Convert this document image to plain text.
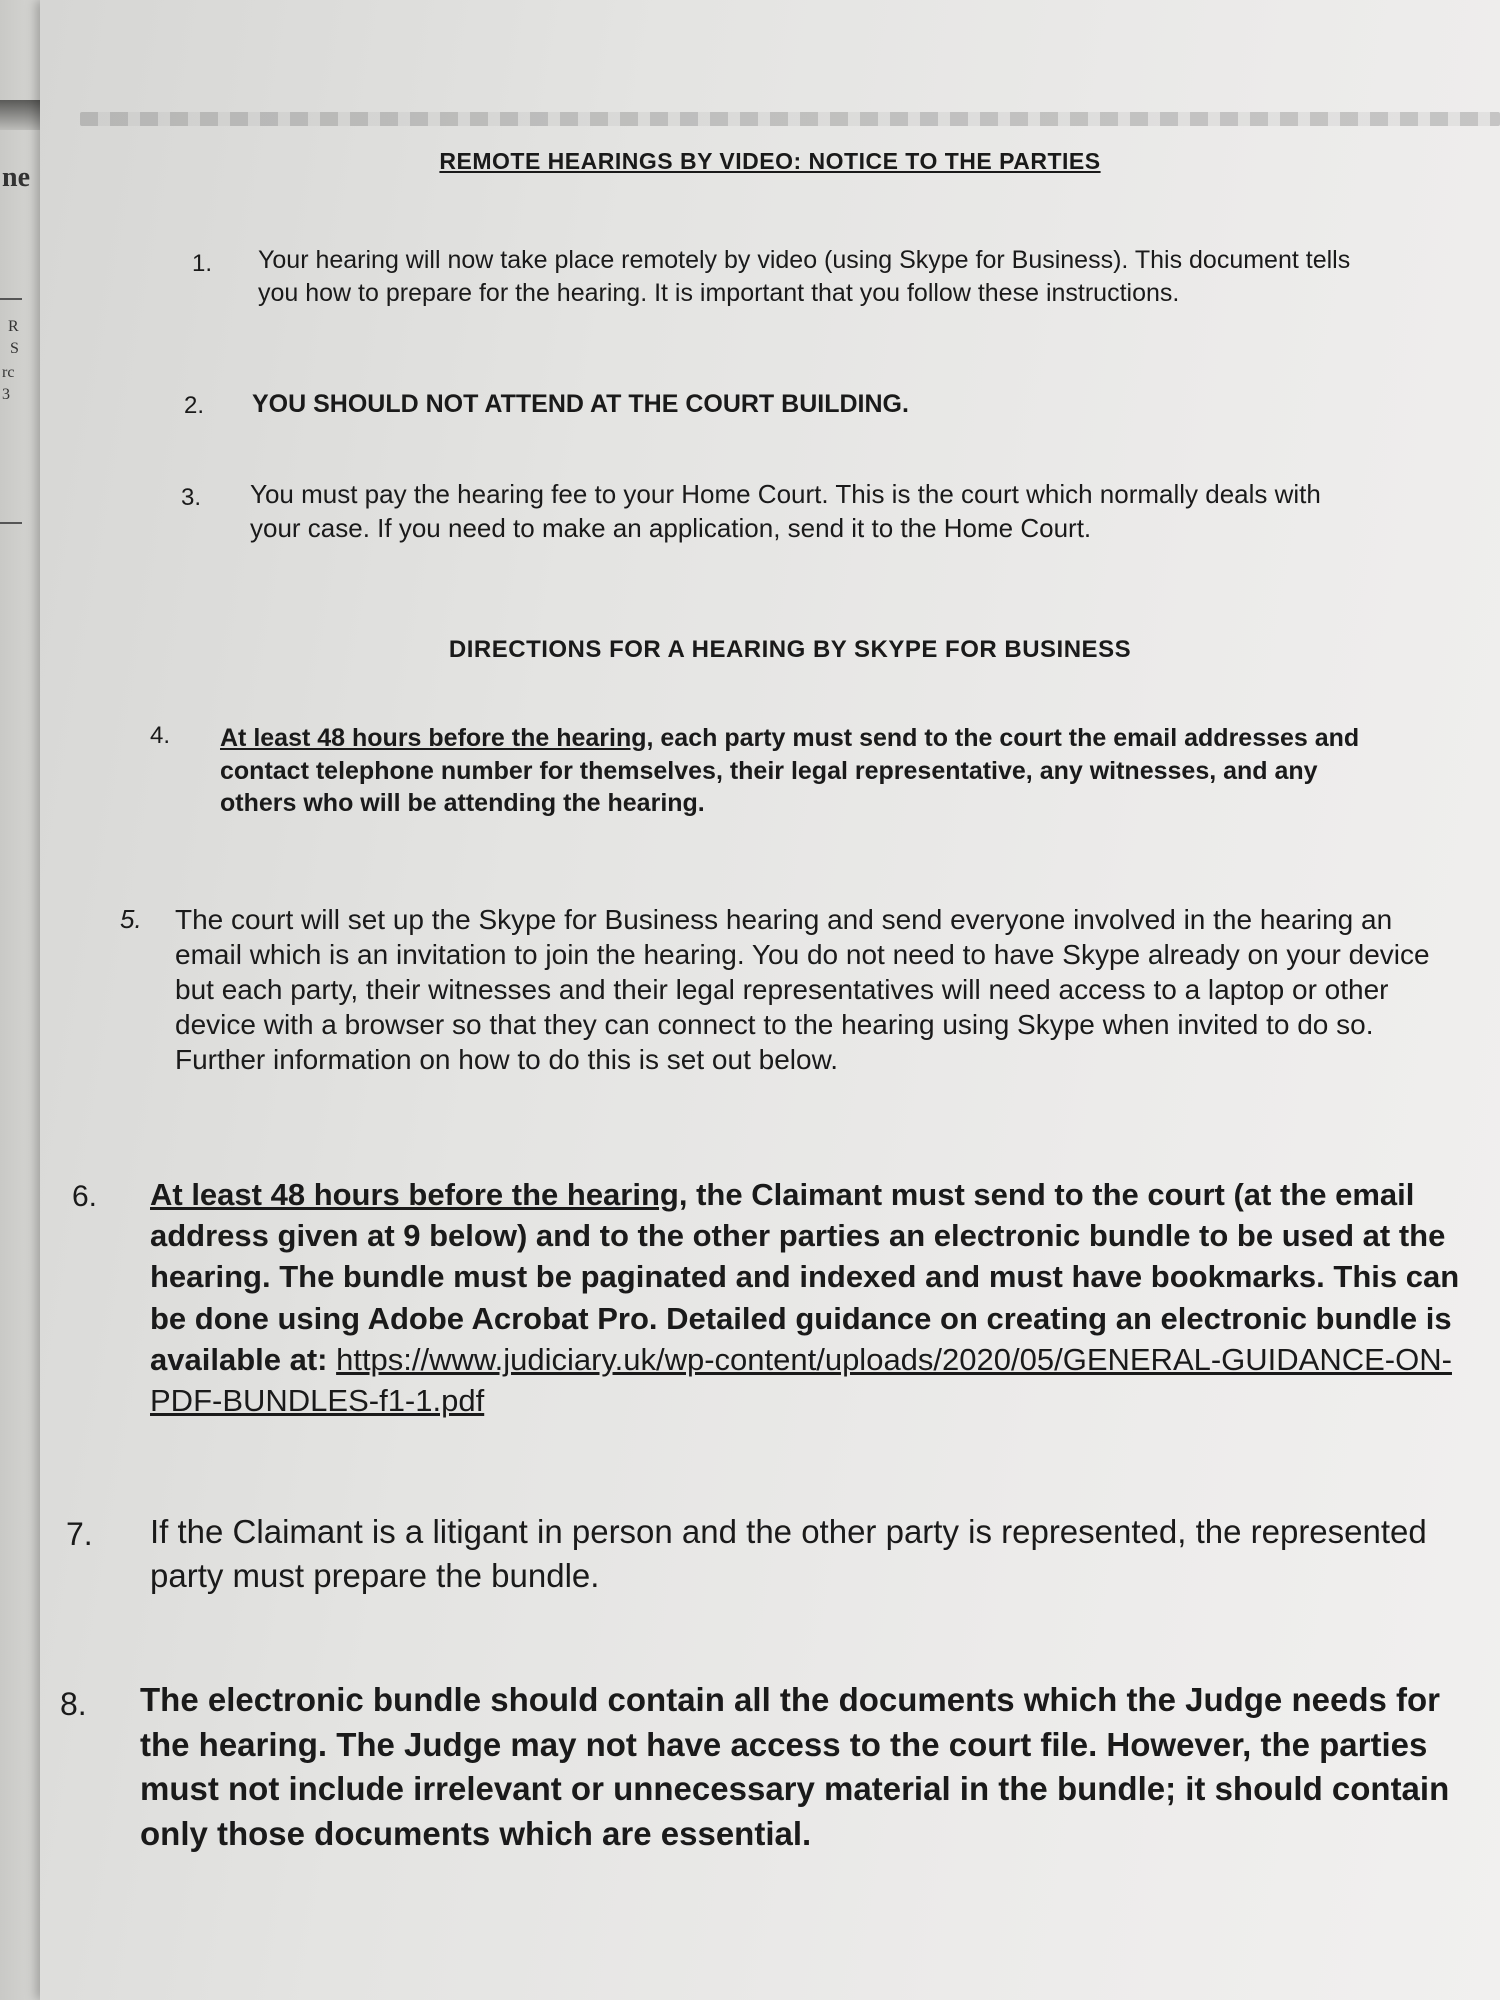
ne
R
S
rc
3
REMOTE HEARINGS BY VIDEO: NOTICE TO THE PARTIES
1. Your hearing will now take place remotely by video (using Skype for Business). This document tells you how to prepare for the hearing. It is important that you follow these instructions.
2. YOU SHOULD NOT ATTEND AT THE COURT BUILDING.
3. You must pay the hearing fee to your Home Court. This is the court which normally deals with your case. If you need to make an application, send it to the Home Court.
DIRECTIONS FOR A HEARING BY SKYPE FOR BUSINESS
4. At least 48 hours before the hearing, each party must send to the court the email addresses and contact telephone number for themselves, their legal representative, any witnesses, and any others who will be attending the hearing.
5. The court will set up the Skype for Business hearing and send everyone involved in the hearing an email which is an invitation to join the hearing. You do not need to have Skype already on your device but each party, their witnesses and their legal representatives will need access to a laptop or other device with a browser so that they can connect to the hearing using Skype when invited to do so. Further information on how to do this is set out below.
6. At least 48 hours before the hearing, the Claimant must send to the court (at the email address given at 9 below) and to the other parties an electronic bundle to be used at the hearing. The bundle must be paginated and indexed and must have bookmarks. This can be done using Adobe Acrobat Pro. Detailed guidance on creating an electronic bundle is available at: https://www.judiciary.uk/wp-content/uploads/2020/05/GENERAL-GUIDANCE-ON-PDF-BUNDLES-f1-1.pdf
7. If the Claimant is a litigant in person and the other party is represented, the represented party must prepare the bundle.
8. The electronic bundle should contain all the documents which the Judge needs for the hearing. The Judge may not have access to the court file. However, the parties must not include irrelevant or unnecessary material in the bundle; it should contain only those documents which are essential.
